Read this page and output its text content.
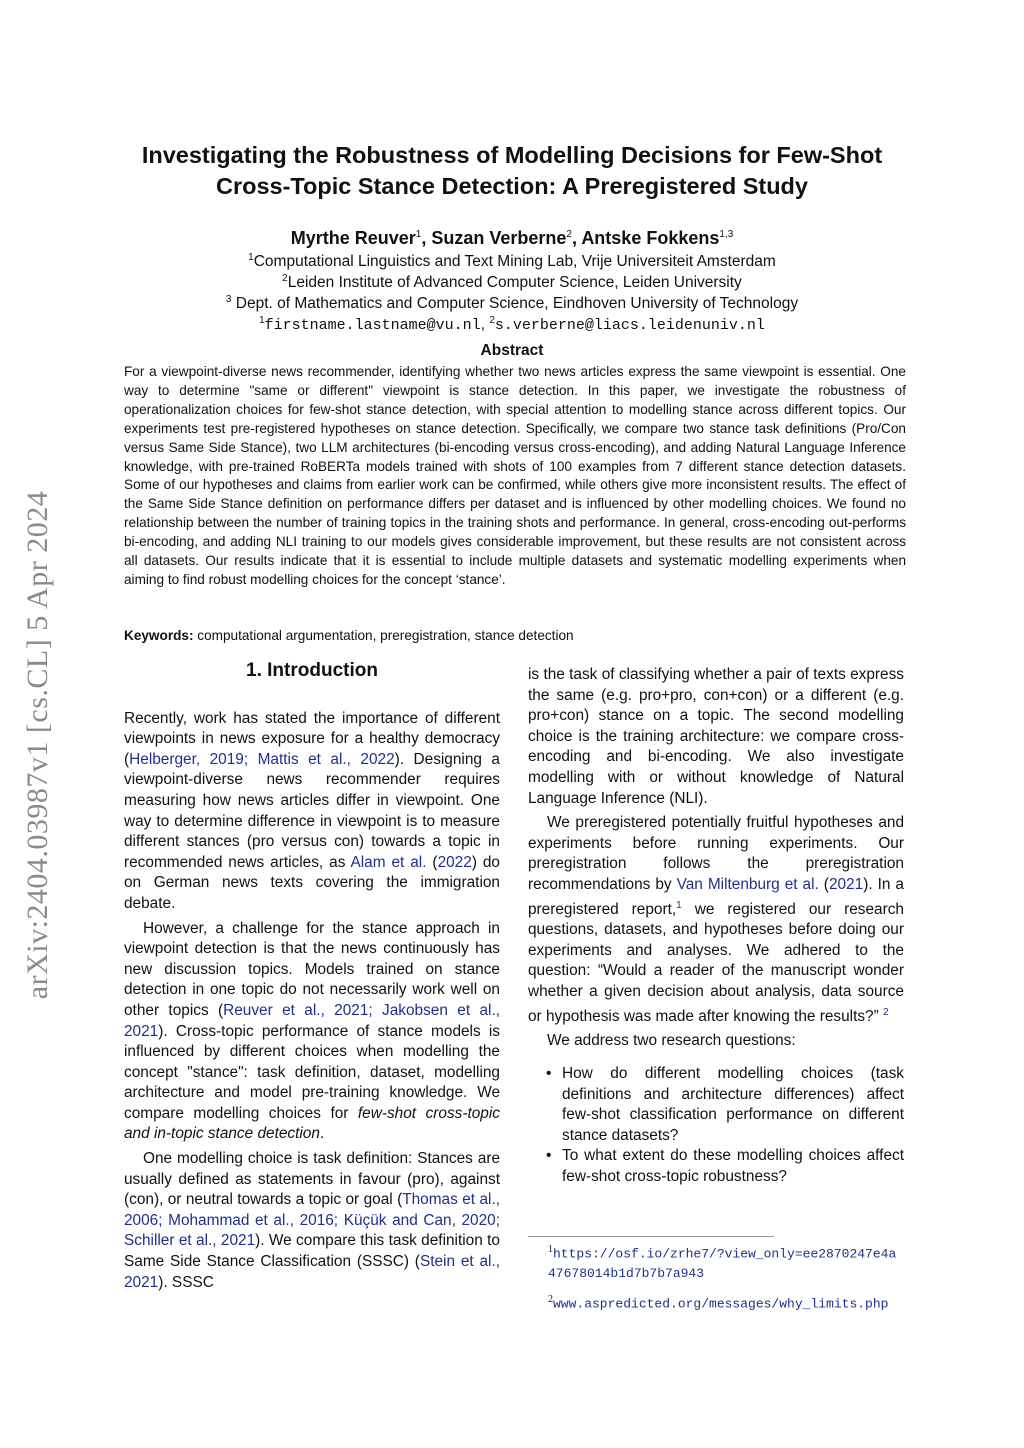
arXiv:2404.03987v1 [cs.CL] 5 Apr 2024
Investigating the Robustness of Modelling Decisions for Few-Shot
Cross-Topic Stance Detection: A Preregistered Study
Myrthe Reuver$^1$, Suzan Verberne$^2$, Antske Fokkens$^{1,3}$
$^1$Computational Linguistics and Text Mining Lab, Vrije Universiteit Amsterdam
$^2$Leiden Institute of Advanced Computer Science, Leiden University
$^3$ Dept. of Mathematics and Computer Science, Eindhoven University of Technology
$^1$firstname.lastname@vu.nl, $^2$s.verberne@liacs.leidenuniv.nl
Abstract

For a viewpoint-diverse news recommender, identifying whether two news articles express the same viewpoint is essential. One way to determine "same or different" viewpoint is stance detection. In this paper, we investigate the robustness of operationalization choices for few-shot stance detection, with special attention to modelling stance across different topics. Our experiments test pre-registered hypotheses on stance detection. Specifically, we compare two stance task definitions (Pro/Con versus Same Side Stance), two LLM architectures (bi-encoding versus cross-encoding), and adding Natural Language Inference knowledge, with pre-trained RoBERTa models trained with shots of 100 examples from 7 different stance detection datasets. Some of our hypotheses and claims from earlier work can be confirmed, while others give more inconsistent results. The effect of the Same Side Stance definition on performance differs per dataset and is influenced by other modelling choices. We found no relationship between the number of training topics in the training shots and performance. In general, cross-encoding out-performs bi-encoding, and adding NLI training to our models gives considerable improvement, but these results are not consistent across all datasets. Our results indicate that it is essential to include multiple datasets and systematic modelling experiments when aiming to find robust modelling choices for the concept ‘stance’.

Keywords: computational argumentation, preregistration, stance detection

1. Introduction

Recently, work has stated the importance of different viewpoints in news exposure for a healthy democracy (Helberger, 2019; Mattis et al., 2022). Designing a viewpoint-diverse news recommender requires measuring how news articles differ in viewpoint. One way to determine difference in viewpoint is to measure different stances (pro versus con) towards a topic in recommended news articles, as Alam et al. (2022) do on German news texts covering the immigration debate.

However, a challenge for the stance approach in viewpoint detection is that the news continuously has new discussion topics. Models trained on stance detection in one topic do not necessarily work well on other topics (Reuver et al., 2021; Jakobsen et al., 2021). Cross-topic performance of stance models is influenced by different choices when modelling the concept "stance": task definition, dataset, modelling architecture and model pre-training knowledge. We compare modelling choices for few-shot cross-topic and in-topic stance detection.

One modelling choice is task definition: Stances are usually defined as statements in favour (pro), against (con), or neutral towards a topic or goal (Thomas et al., 2006; Mohammad et al., 2016; Küçük and Can, 2020; Schiller et al., 2021). We compare this task definition to Same Side Stance Classification (SSSC) (Stein et al., 2021). SSSC

is the task of classifying whether a pair of texts express the same (e.g. pro+pro, con+con) or a different (e.g. pro+con) stance on a topic. The second modelling choice is the training architecture: we compare cross-encoding and bi-encoding. We also investigate modelling with or without knowledge of Natural Language Inference (NLI).

We preregistered potentially fruitful hypotheses and experiments before running experiments. Our preregistration follows the preregistration recommendations by Van Miltenburg et al. (2021). In a preregistered report,$^1$ we registered our research questions, datasets, and hypotheses before doing our experiments and analyses. We adhered to the question: “Would a reader of the manuscript wonder whether a given decision about analysis, data source or hypothesis was made after knowing the results?” $^2$

We address two research questions:

• How do different modelling choices (task definitions and architecture differences) affect few-shot classification performance on different stance datasets?
• To what extent do these modelling choices affect few-shot cross-topic robustness?
$^1$https://osf.io/zrhe7/?view_only=ee2870247e4a47678014b1d7b7b7a943
$^2$www.aspredicted.org/messages/why_limits.php
